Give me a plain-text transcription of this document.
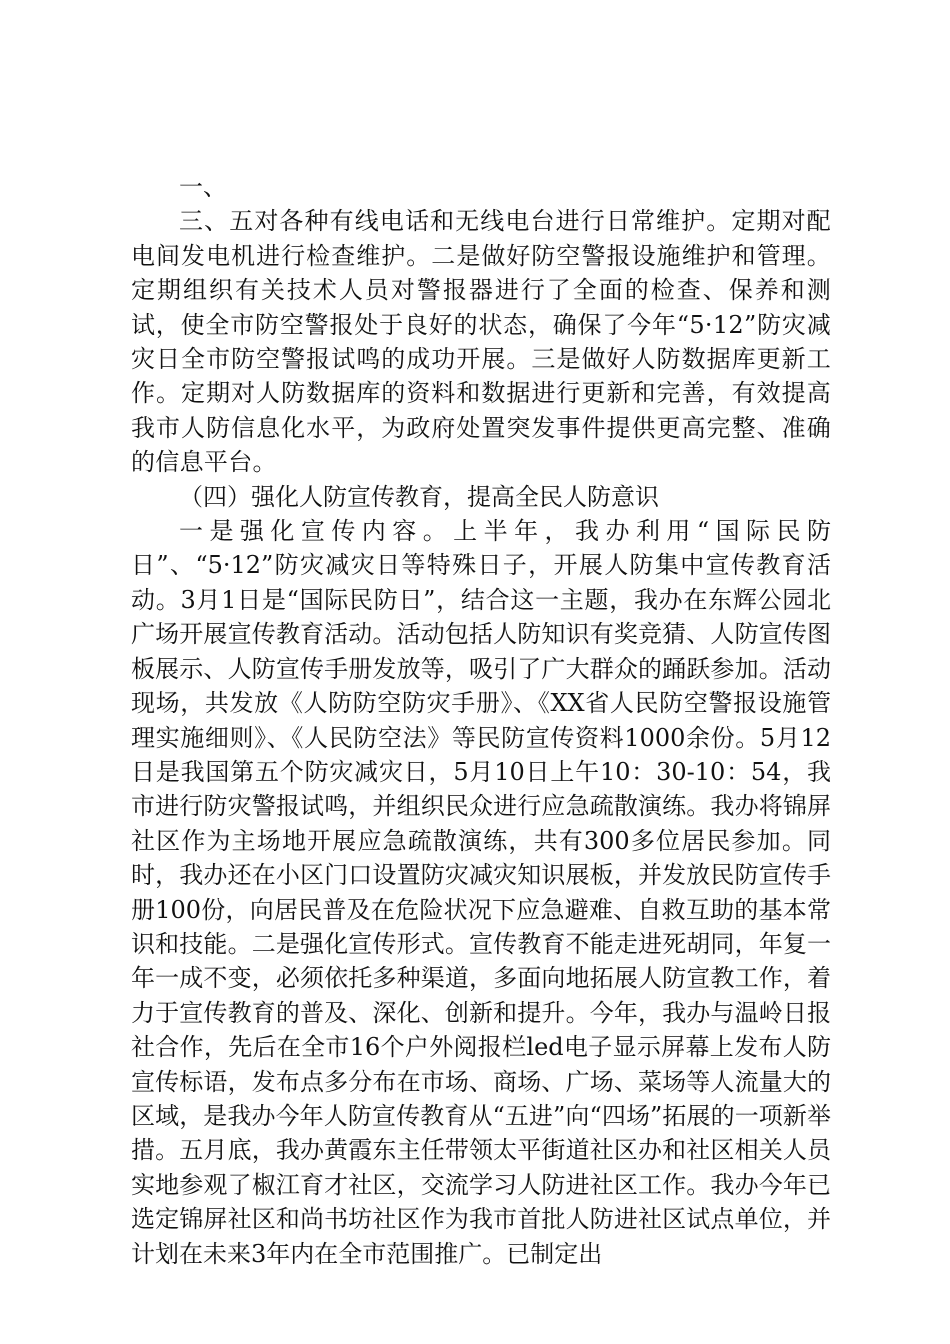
一、

三、五对各种有线电话和无线电台进行日常维护。定期对配电间发电机进行检查维护。二是做好防空警报设施维护和管理。定期组织有关技术人员对警报器进行了全面的检查、保养和测试，使全市防空警报处于良好的状态，确保了今年“5·12”防灾减灾日全市防空警报试鸣的成功开展。三是做好人防数据库更新工作。定期对人防数据库的资料和数据进行更新和完善，有效提高我市人防信息化水平，为政府处置突发事件提供更高完整、准确的信息平台。

（四）强化人防宣传教育，提高全民人防意识

一是强化宣传内容。上半年，我办利用“国际民防日”、“5·12”防灾减灾日等特殊日子，开展人防集中宣传教育活动。3月1日是“国际民防日”，结合这一主题，我办在东辉公园北广场开展宣传教育活动。活动包括人防知识有奖竞猜、人防宣传图板展示、人防宣传手册发放等，吸引了广大群众的踊跃参加。活动现场，共发放《人防防空防灾手册》、《XX省人民防空警报设施管理实施细则》、《人民防空法》等民防宣传资料1000余份。5月12日是我国第五个防灾减灾日，5月10日上午10：30-10：54，我市进行防灾警报试鸣，并组织民众进行应急疏散演练。我办将锦屏社区作为主场地开展应急疏散演练，共有300多位居民参加。同时，我办还在小区门口设置防灾减灾知识展板，并发放民防宣传手册100份，向居民普及在危险状况下应急避难、自救互助的基本常识和技能。二是强化宣传形式。宣传教育不能走进死胡同，年复一年一成不变，必须依托多种渠道，多面向地拓展人防宣教工作，着力于宣传教育的普及、深化、创新和提升。今年，我办与温岭日报社合作，先后在全市16个户外阅报栏led电子显示屏幕上发布人防宣传标语，发布点多分布在市场、商场、广场、菜场等人流量大的区域，是我办今年人防宣传教育从“五进”向“四场”拓展的一项新举措。五月底，我办黄霞东主任带领太平街道社区办和社区相关人员实地参观了椒江育才社区，交流学习人防进社区工作。我办今年已选定锦屏社区和尚书坊社区作为我市首批人防进社区试点单位，并计划在未来3年内在全市范围推广。已制定出
